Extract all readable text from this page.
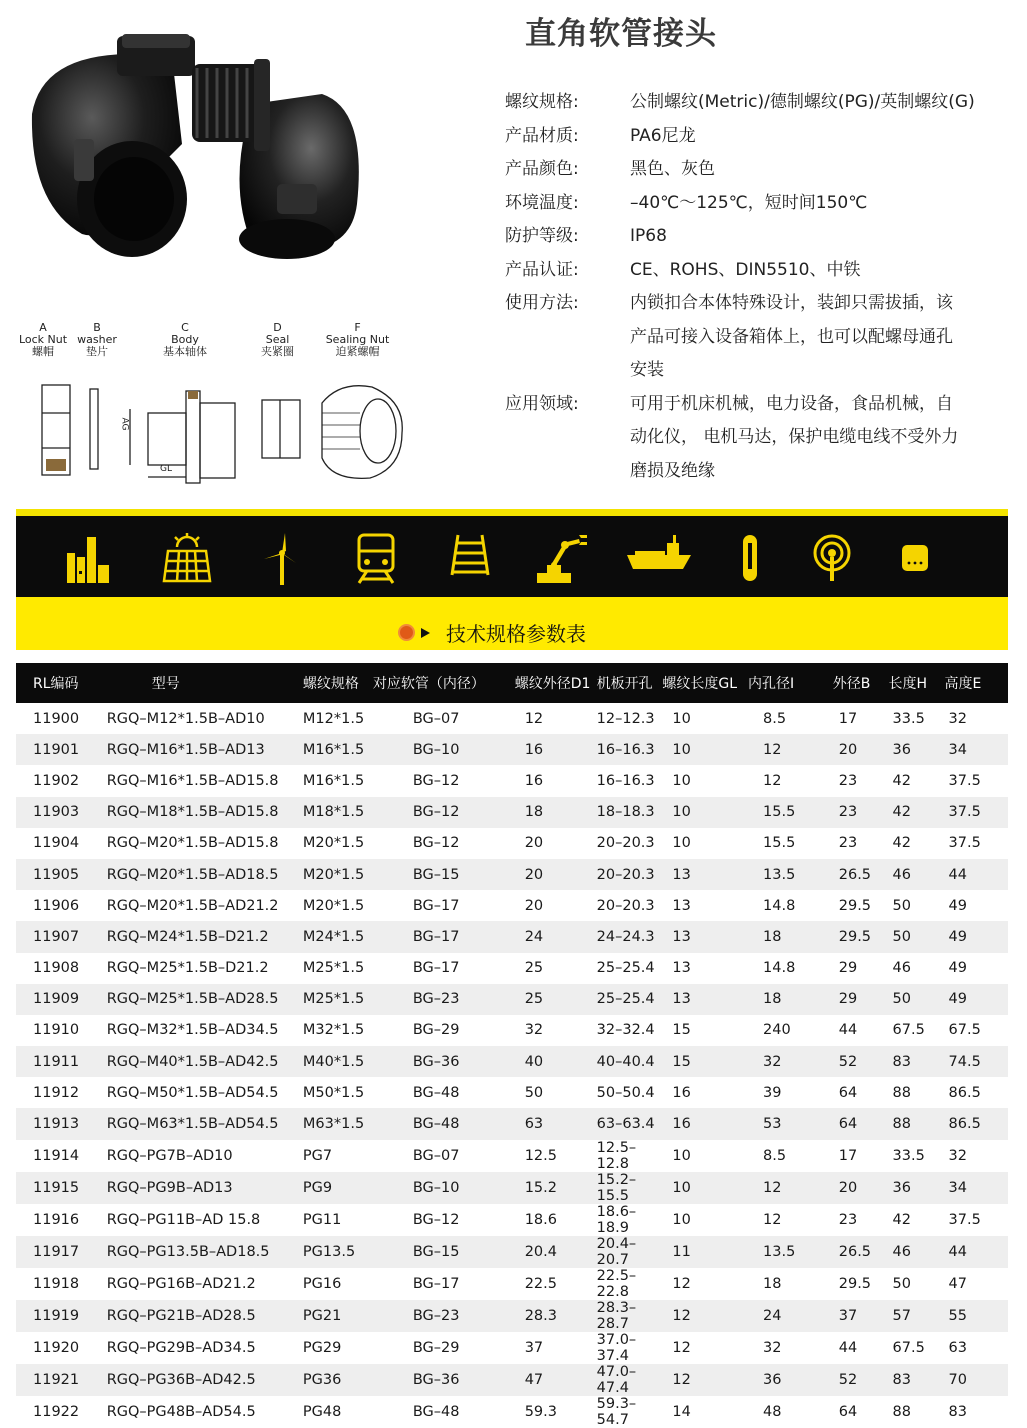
直角软管接头
A
Lock Nut
螺帽
B
washer
垫片
C
Body
基本轴体
D
Seal
夹紧圈
F
Sealing Nut
迫紧螺帽
AG
GL
螺纹规格:	公制螺纹(Metric)/德制螺纹(PG)/英制螺纹(G)
产品材质:	PA6尼龙
产品颜色:	黑色、灰色
环境温度:	–40℃～125℃，短时间150℃
防护等级:	IP68
产品认证:	CE、ROHS、DIN5510、中铁
使用方法:	内锁扣合本体特殊设计，装卸只需拔插，该
产品可接入设备箱体上，也可以配螺母通孔
安装
应用领域:	可用于机床机械，电力设备，食品机械，自
动化仪， 电机马达，保护电缆电线不受外力
磨损及绝缘
技术规格参数表
RL编码	型号	螺纹规格	对应软管（内径）	螺纹外径D1	机板开孔	螺纹长度GL	内孔径I	外径B	长度H	高度E
11900	RGQ–M12*1.5B–AD10	M12*1.5	BG–07	12	12–12.3	10	8.5	17	33.5	32
11901	RGQ–M16*1.5B–AD13	M16*1.5	BG–10	16	16–16.3	10	12	20	36	34
11902	RGQ–M16*1.5B–AD15.8	M16*1.5	BG–12	16	16–16.3	10	12	23	42	37.5
11903	RGQ–M18*1.5B–AD15.8	M18*1.5	BG–12	18	18–18.3	10	15.5	23	42	37.5
11904	RGQ–M20*1.5B–AD15.8	M20*1.5	BG–12	20	20–20.3	10	15.5	23	42	37.5
11905	RGQ–M20*1.5B–AD18.5	M20*1.5	BG–15	20	20–20.3	13	13.5	26.5	46	44
11906	RGQ–M20*1.5B–AD21.2	M20*1.5	BG–17	20	20–20.3	13	14.8	29.5	50	49
11907	RGQ–M24*1.5B–D21.2	M24*1.5	BG–17	24	24–24.3	13	18	29.5	50	49
11908	RGQ–M25*1.5B–D21.2	M25*1.5	BG–17	25	25–25.4	13	14.8	29	46	49
11909	RGQ–M25*1.5B–AD28.5	M25*1.5	BG–23	25	25–25.4	13	18	29	50	49
11910	RGQ–M32*1.5B–AD34.5	M32*1.5	BG–29	32	32–32.4	15	240	44	67.5	67.5
11911	RGQ–M40*1.5B–AD42.5	M40*1.5	BG–36	40	40–40.4	15	32	52	83	74.5
11912	RGQ–M50*1.5B–AD54.5	M50*1.5	BG–48	50	50–50.4	16	39	64	88	86.5
11913	RGQ–M63*1.5B–AD54.5	M63*1.5	BG–48	63	63–63.4	16	53	64	88	86.5
11914	RGQ–PG7B–AD10	PG7	BG–07	12.5	12.5–12.8	10	8.5	17	33.5	32
11915	RGQ–PG9B–AD13	PG9	BG–10	15.2	15.2–15.5	10	12	20	36	34
11916	RGQ–PG11B–AD 15.8	PG11	BG–12	18.6	18.6–18.9	10	12	23	42	37.5
11917	RGQ–PG13.5B–AD18.5	PG13.5	BG–15	20.4	20.4–20.7	11	13.5	26.5	46	44
11918	RGQ–PG16B–AD21.2	PG16	BG–17	22.5	22.5–22.8	12	18	29.5	50	47
11919	RGQ–PG21B–AD28.5	PG21	BG–23	28.3	28.3–28.7	12	24	37	57	55
11920	RGQ–PG29B–AD34.5	PG29	BG–29	37	37.0–37.4	12	32	44	67.5	63
11921	RGQ–PG36B–AD42.5	PG36	BG–36	47	47.0–47.4	12	36	52	83	70
11922	RGQ–PG48B–AD54.5	PG48	BG–48	59.3	59.3–54.7	14	48	64	88	83
